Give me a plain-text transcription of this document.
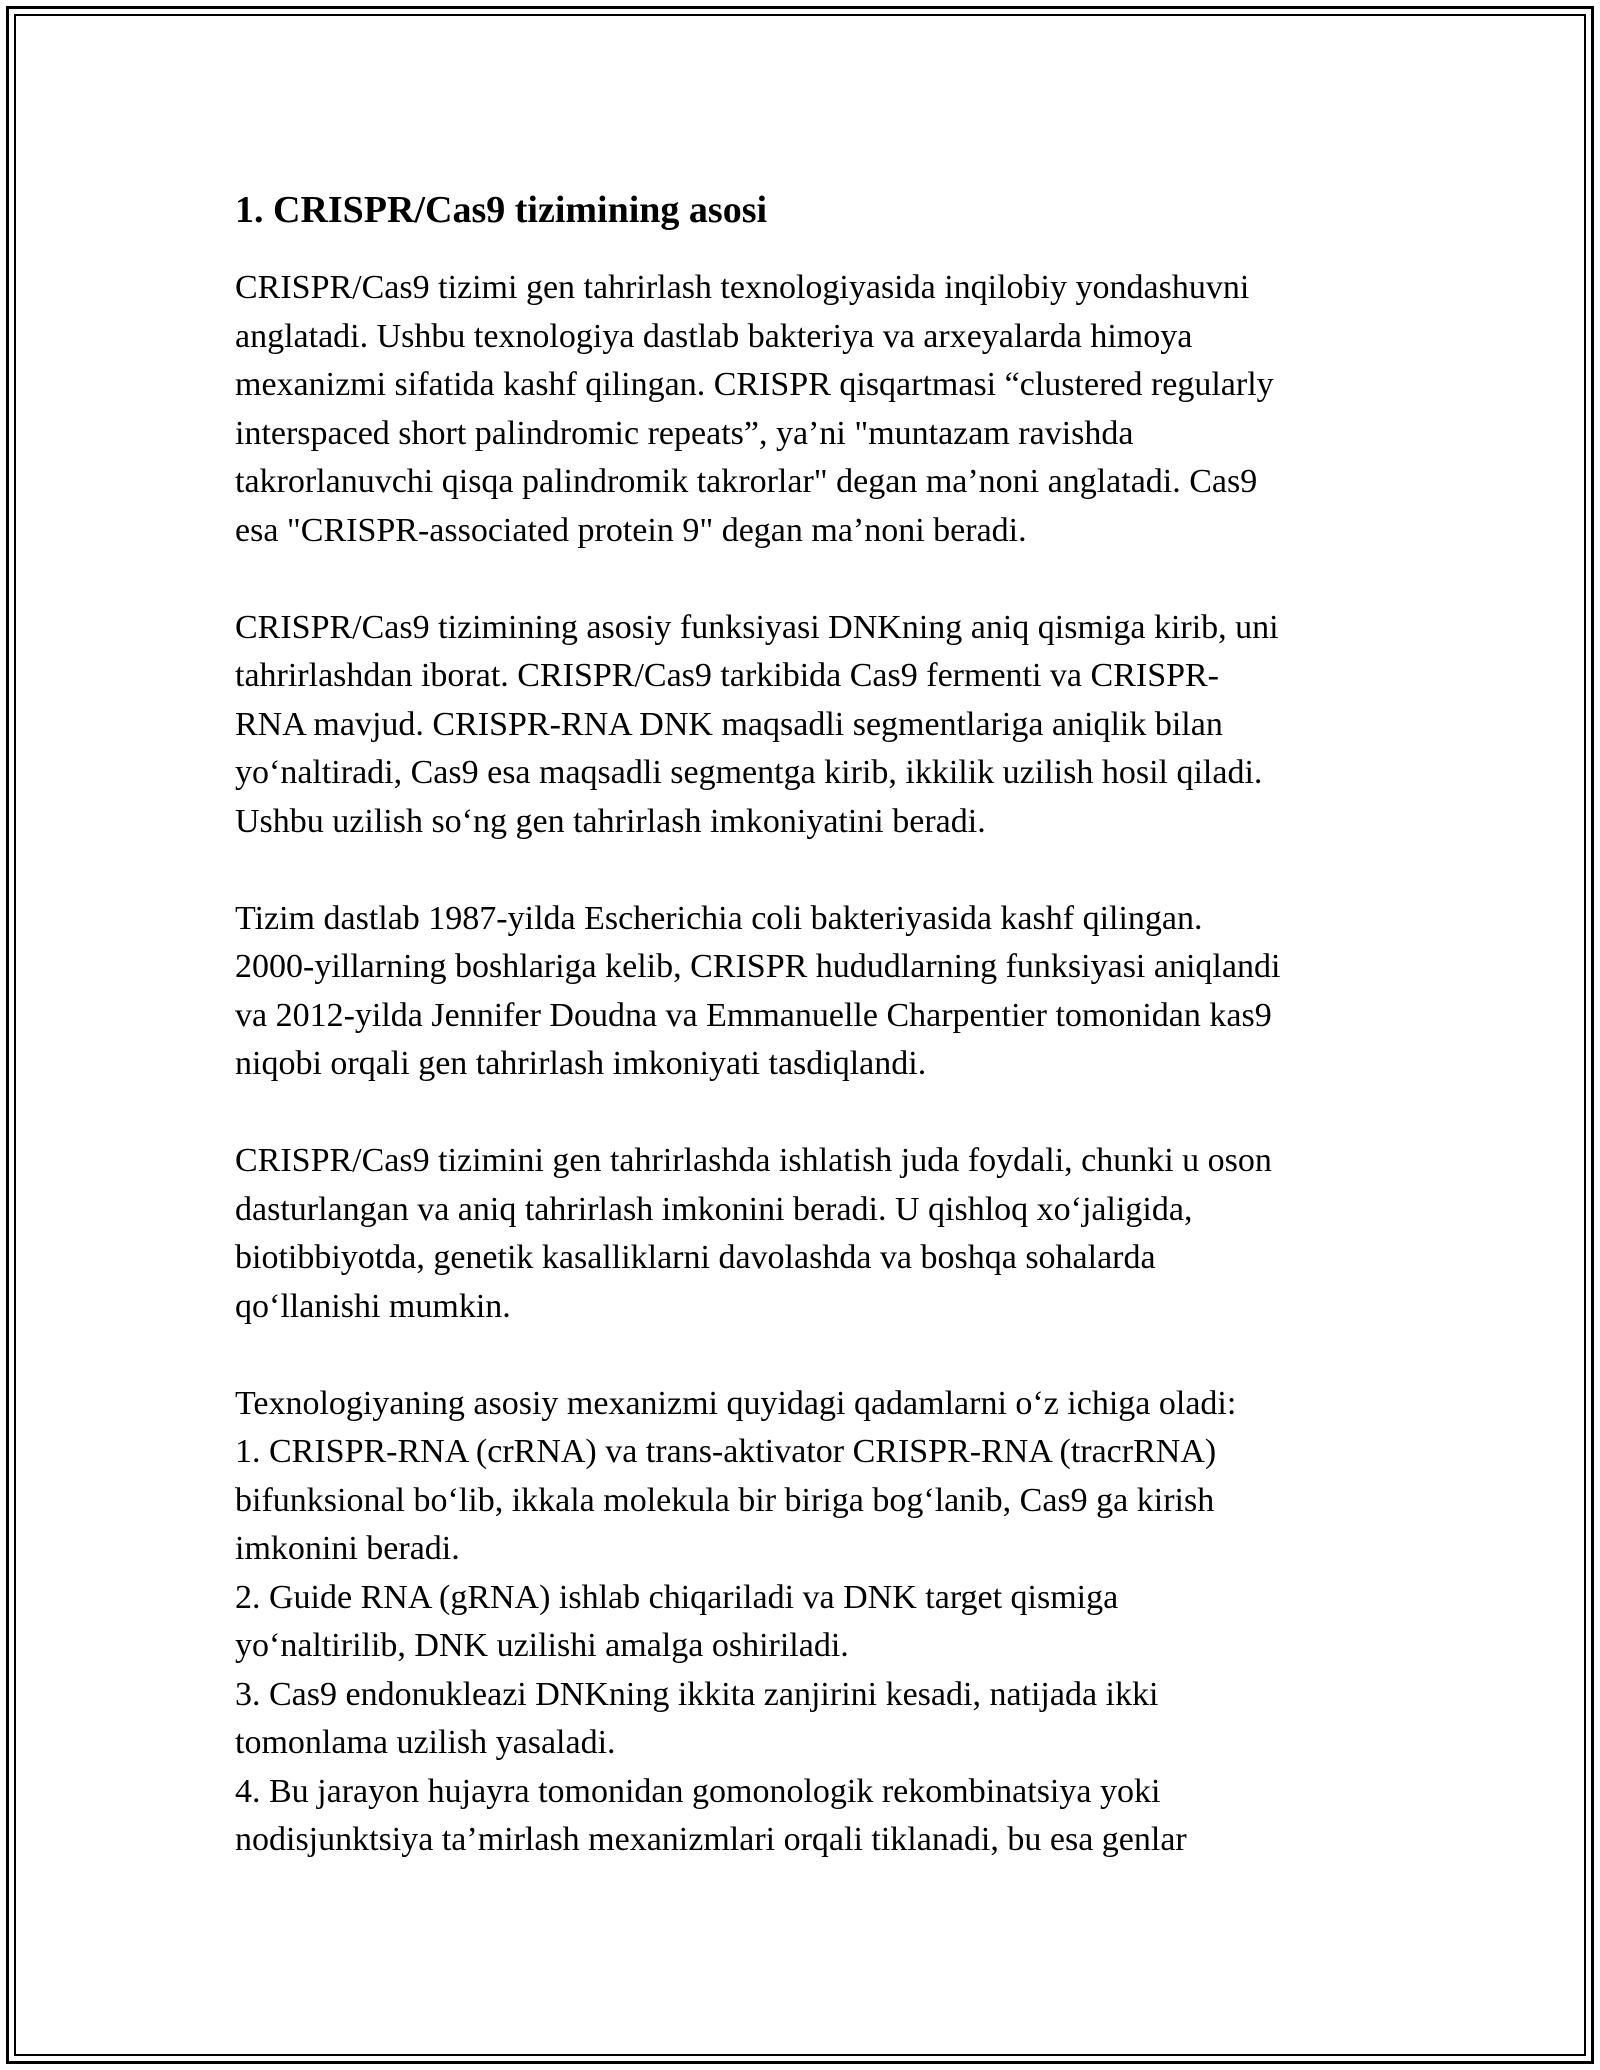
1. CRISPR/Cas9 tizimining asosi

CRISPR/Cas9 tizimi gen tahrirlash texnologiyasida inqilobiy yondashuvni

anglatadi. Ushbu texnologiya dastlab bakteriya va arxeyalarda himoya

mexanizmi sifatida kashf qilingan. CRISPR qisqartmasi “clustered regularly

interspaced short palindromic repeats”, ya’ni "muntazam ravishda

takrorlanuvchi qisqa palindromik takrorlar" degan ma’noni anglatadi. Cas9

esa "CRISPR-associated protein 9" degan ma’noni beradi.

CRISPR/Cas9 tizimining asosiy funksiyasi DNKning aniq qismiga kirib, uni

tahrirlashdan iborat. CRISPR/Cas9 tarkibida Cas9 fermenti va CRISPR-

RNA mavjud. CRISPR-RNA DNK maqsadli segmentlariga aniqlik bilan

yo‘naltiradi, Cas9 esa maqsadli segmentga kirib, ikkilik uzilish hosil qiladi.

Ushbu uzilish so‘ng gen tahrirlash imkoniyatini beradi.

Tizim dastlab 1987-yilda Escherichia coli bakteriyasida kashf qilingan.

2000-yillarning boshlariga kelib, CRISPR hududlarning funksiyasi aniqlandi

va 2012-yilda Jennifer Doudna va Emmanuelle Charpentier tomonidan kas9

niqobi orqali gen tahrirlash imkoniyati tasdiqlandi.

CRISPR/Cas9 tizimini gen tahrirlashda ishlatish juda foydali, chunki u oson

dasturlangan va aniq tahrirlash imkonini beradi. U qishloq xo‘jaligida,

biotibbiyotda, genetik kasalliklarni davolashda va boshqa sohalarda

qo‘llanishi mumkin.

Texnologiyaning asosiy mexanizmi quyidagi qadamlarni o‘z ichiga oladi:

1. CRISPR-RNA (crRNA) va trans-aktivator CRISPR-RNA (tracrRNA)

bifunksional bo‘lib, ikkala molekula bir biriga bog‘lanib, Cas9 ga kirish

imkonini beradi.

2. Guide RNA (gRNA) ishlab chiqariladi va DNK target qismiga

yo‘naltirilib, DNK uzilishi amalga oshiriladi.

3. Cas9 endonukleazi DNKning ikkita zanjirini kesadi, natijada ikki

tomonlama uzilish yasaladi.

4. Bu jarayon hujayra tomonidan gomonologik rekombinatsiya yoki

nodisjunktsiya ta’mirlash mexanizmlari orqali tiklanadi, bu esa genlar
